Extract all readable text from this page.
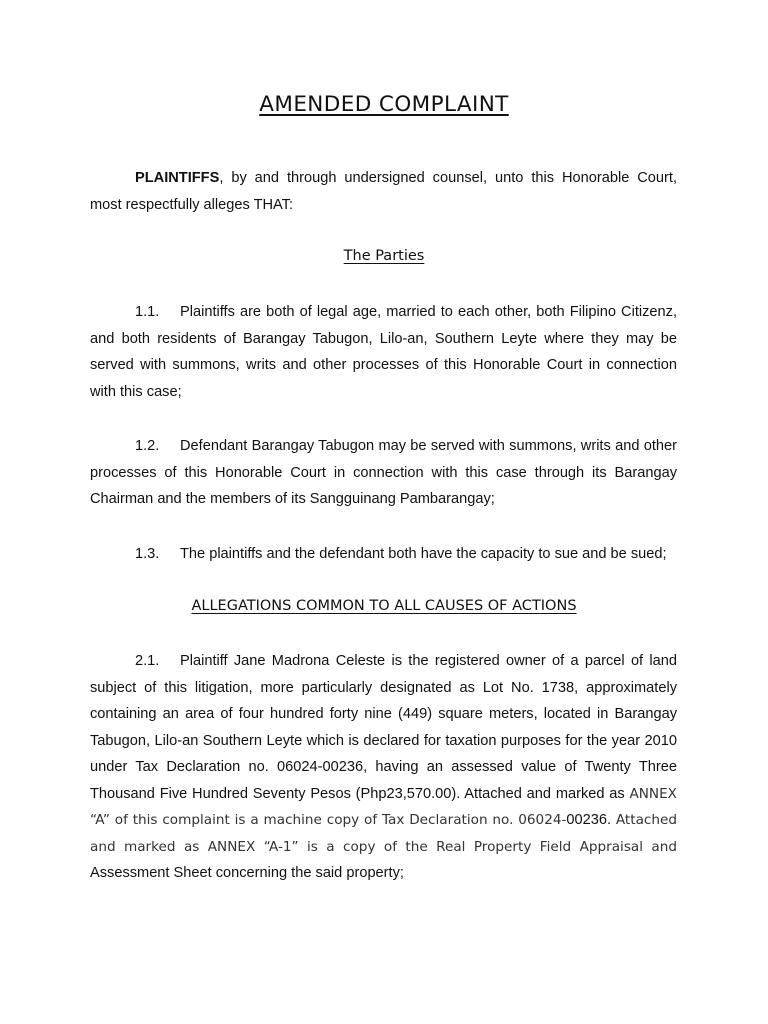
AMENDED COMPLAINT
PLAINTIFFS, by and through undersigned counsel, unto this Honorable Court, most respectfully alleges THAT:
The Parties
1.1. Plaintiffs are both of legal age, married to each other, both Filipino Citizenz, and both residents of Barangay Tabugon, Lilo-an, Southern Leyte where they may be served with summons, writs and other processes of this Honorable Court in connection with this case;
1.2. Defendant Barangay Tabugon may be served with summons, writs and other processes of this Honorable Court in connection with this case through its Barangay Chairman and the members of its Sangguinang Pambarangay;
1.3. The plaintiffs and the defendant both have the capacity to sue and be sued;
ALLEGATIONS COMMON TO ALL CAUSES OF ACTIONS
2.1. Plaintiff Jane Madrona Celeste is the registered owner of a parcel of land subject of this litigation, more particularly designated as Lot No. 1738, approximately containing an area of four hundred forty nine (449) square meters, located in Barangay Tabugon, Lilo-an Southern Leyte which is declared for taxation purposes for the year 2010 under Tax Declaration no. 06024-00236, having an assessed value of Twenty Three Thousand Five Hundred Seventy Pesos (Php23,570.00). Attached and marked as ANNEX “A” of this complaint is a machine copy of Tax Declaration no. 06024-00236. Attached and marked as ANNEX “A-1” is a copy of the Real Property Field Appraisal and Assessment Sheet concerning the said property;
